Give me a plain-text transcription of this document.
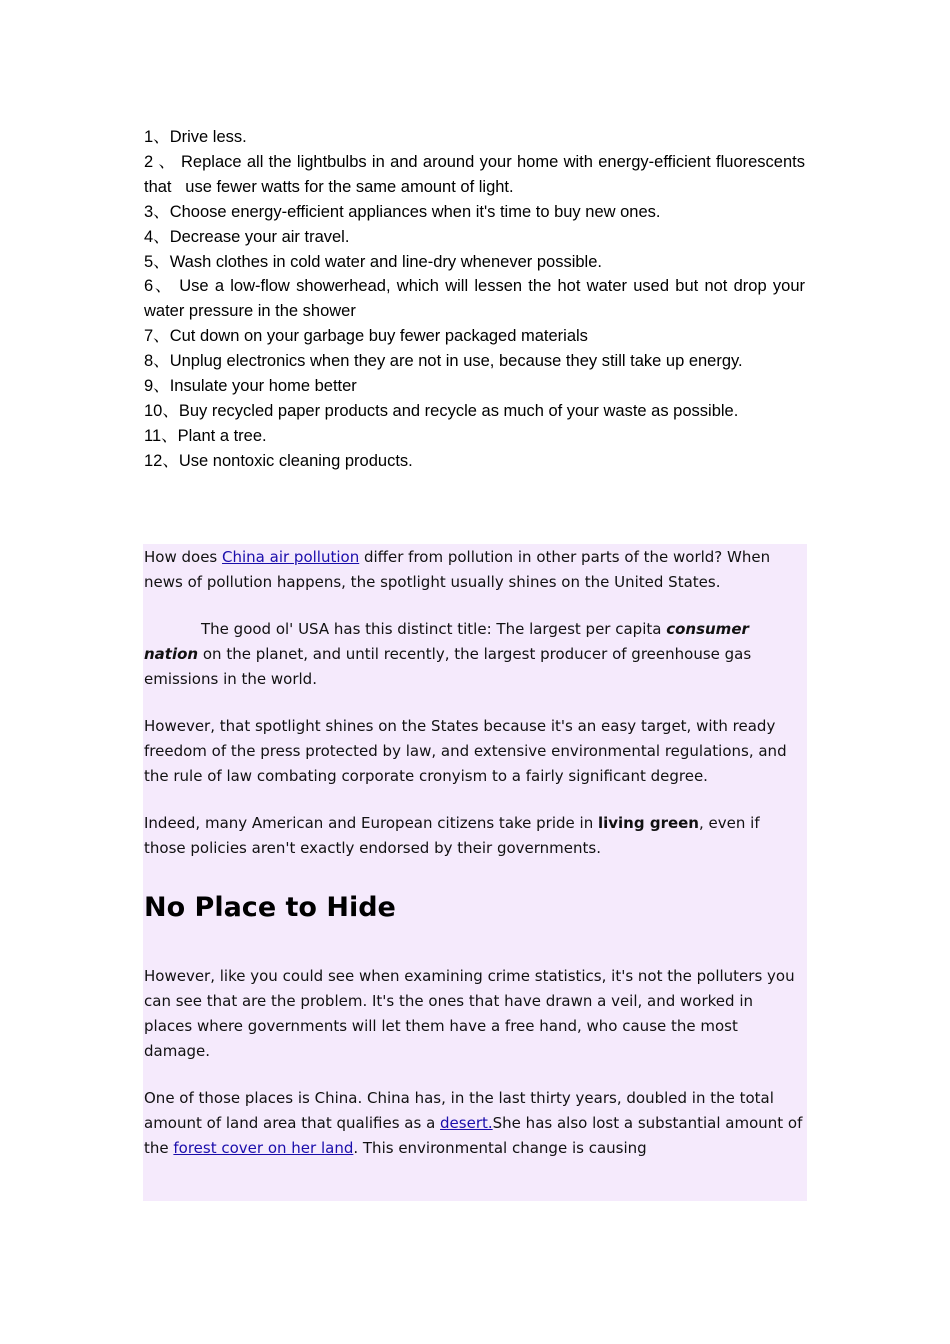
1、Drive less.

2 、 Replace all the lightbulbs in and around your home with energy-efficient fluorescents that   use fewer watts for the same amount of light.

3、Choose energy-efficient appliances when it's time to buy new ones.

4、Decrease your air travel.

5、Wash clothes in cold water and line-dry whenever possible.

6、 Use a low-flow showerhead, which will lessen the hot water used but not drop your water pressure in the shower

7、Cut down on your garbage buy fewer packaged materials

8、Unplug electronics when they are not in use, because they still take up energy.

9、Insulate your home better

10、Buy recycled paper products and recycle as much of your waste as possible.

11、Plant a tree.

12、Use nontoxic cleaning products.

How does China air pollution differ from pollution in other parts of the world? When news of pollution happens, the spotlight usually shines on the United States.

The good ol' USA has this distinct title: The largest per capita consumer nation on the planet, and until recently, the largest producer of greenhouse gas emissions in the world.

However, that spotlight shines on the States because it's an easy target, with ready freedom of the press protected by law, and extensive environmental regulations, and the rule of law combating corporate cronyism to a fairly significant degree.

Indeed, many American and European citizens take pride in living green, even if those policies aren't exactly endorsed by their governments.

No Place to Hide

However, like you could see when examining crime statistics, it's not the polluters you can see that are the problem. It's the ones that have drawn a veil, and worked in places where governments will let them have a free hand, who cause the most damage.

One of those places is China. China has, in the last thirty years, doubled in the total amount of land area that qualifies as a desert.She has also lost a substantial amount of the forest cover on her land. This environmental change is causing
